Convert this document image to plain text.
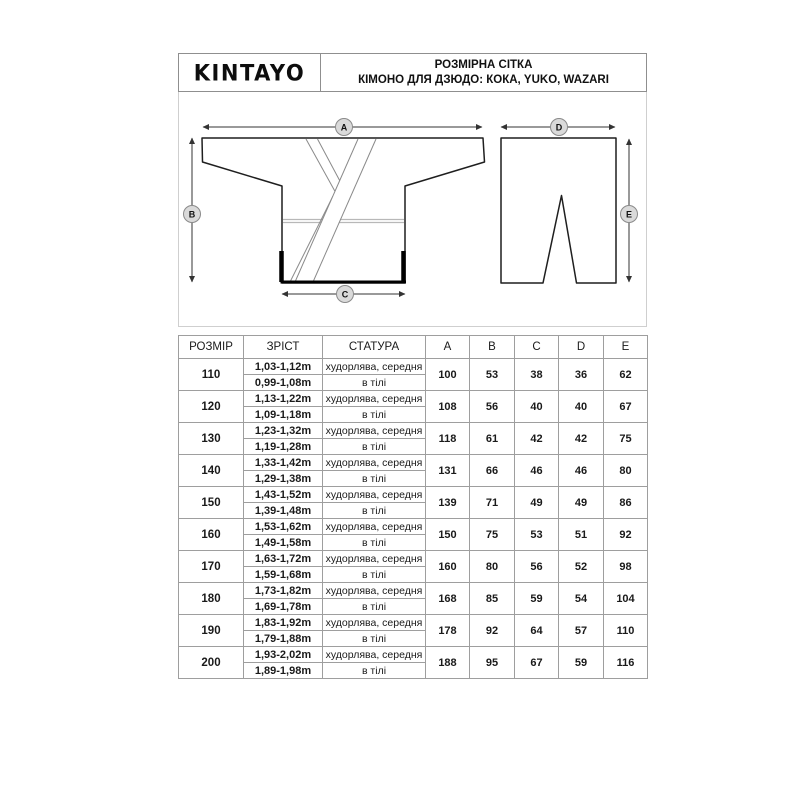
KINTAYO	РОЗМІРНА СІТКА
КІМОНО ДЛЯ ДЗЮДО: КОКА, YUKO, WAZARI
A
B
C
D
E
РОЗМІР	ЗРІСТ	СТАТУРА	A	B	C	D	E
110	1,03-1,12m	худорлява, середня	100	53	38	36	62
	0,99-1,08m	в тілі					
120	1,13-1,22m	худорлява, середня	108	56	40	40	67
	1,09-1,18m	в тілі					
130	1,23-1,32m	худорлява, середня	118	61	42	42	75
	1,19-1,28m	в тілі					
140	1,33-1,42m	худорлява, середня	131	66	46	46	80
	1,29-1,38m	в тілі					
150	1,43-1,52m	худорлява, середня	139	71	49	49	86
	1,39-1,48m	в тілі					
160	1,53-1,62m	худорлява, середня	150	75	53	51	92
	1,49-1,58m	в тілі					
170	1,63-1,72m	худорлява, середня	160	80	56	52	98
	1,59-1,68m	в тілі					
180	1,73-1,82m	худорлява, середня	168	85	59	54	104
	1,69-1,78m	в тілі					
190	1,83-1,92m	худорлява, середня	178	92	64	57	110
	1,79-1,88m	в тілі					
200	1,93-2,02m	худорлява, середня	188	95	67	59	116
	1,89-1,98m	в тілі					
